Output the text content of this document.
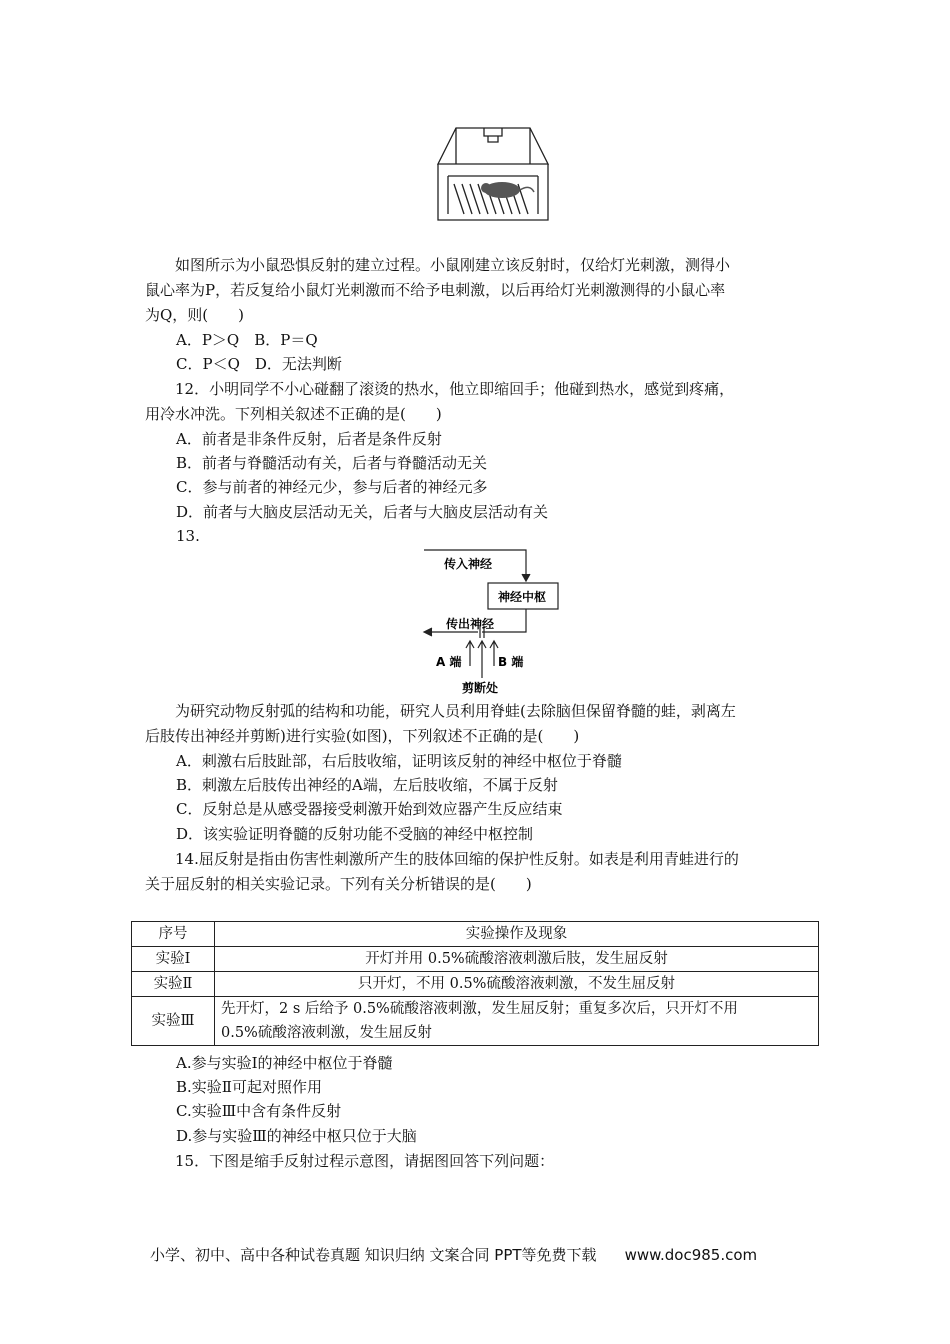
如图所示为小鼠恐惧反射的建立过程。小鼠刚建立该反射时，仅给灯光刺激，测得小
鼠心率为P，若反复给小鼠灯光刺激而不给予电刺激，以后再给灯光刺激测得的小鼠心率
为Q，则(　　)
A．P＞Q　B．P＝Q
C．P＜Q　D．无法判断
12．小明同学不小心碰翻了滚烫的热水，他立即缩回手；他碰到热水，感觉到疼痛，
用冷水冲洗。下列相关叙述不正确的是(　　)
A．前者是非条件反射，后者是条件反射
B．前者与脊髓活动有关，后者与脊髓活动无关
C．参与前者的神经元少，参与后者的神经元多
D．前者与大脑皮层活动无关，后者与大脑皮层活动有关
13.
传入神经
神经中枢
传出神经
A 端	B 端
剪断处
为研究动物反射弧的结构和功能，研究人员利用脊蛙(去除脑但保留脊髓的蛙，剥离左
后肢传出神经并剪断)进行实验(如图)，下列叙述不正确的是(　　)
A．刺激右后肢趾部，右后肢收缩，证明该反射的神经中枢位于脊髓
B．刺激左后肢传出神经的A端，左后肢收缩，不属于反射
C．反射总是从感受器接受刺激开始到效应器产生反应结束
D．该实验证明脊髓的反射功能不受脑的神经中枢控制
14.屈反射是指由伤害性刺激所产生的肢体回缩的保护性反射。如表是利用青蛙进行的
关于屈反射的相关实验记录。下列有关分析错误的是(　　)
序号	实验操作及现象
实验Ⅰ	开灯并用 0.5%硫酸溶液刺激后肢，发生屈反射
实验Ⅱ	只开灯，不用 0.5%硫酸溶液刺激，不发生屈反射
实验Ⅲ	先开灯，2 s 后给予 0.5%硫酸溶液刺激，发生屈反射；重复多次后，只开灯不用
0.5%硫酸溶液刺激，发生屈反射
A.参与实验Ⅰ的神经中枢位于脊髓
B.实验Ⅱ可起对照作用
C.实验Ⅲ中含有条件反射
D.参与实验Ⅲ的神经中枢只位于大脑
15．下图是缩手反射过程示意图，请据图回答下列问题：
小学、初中、高中各种试卷真题 知识归纳 文案合同 PPT等免费下载 www.doc985.com
